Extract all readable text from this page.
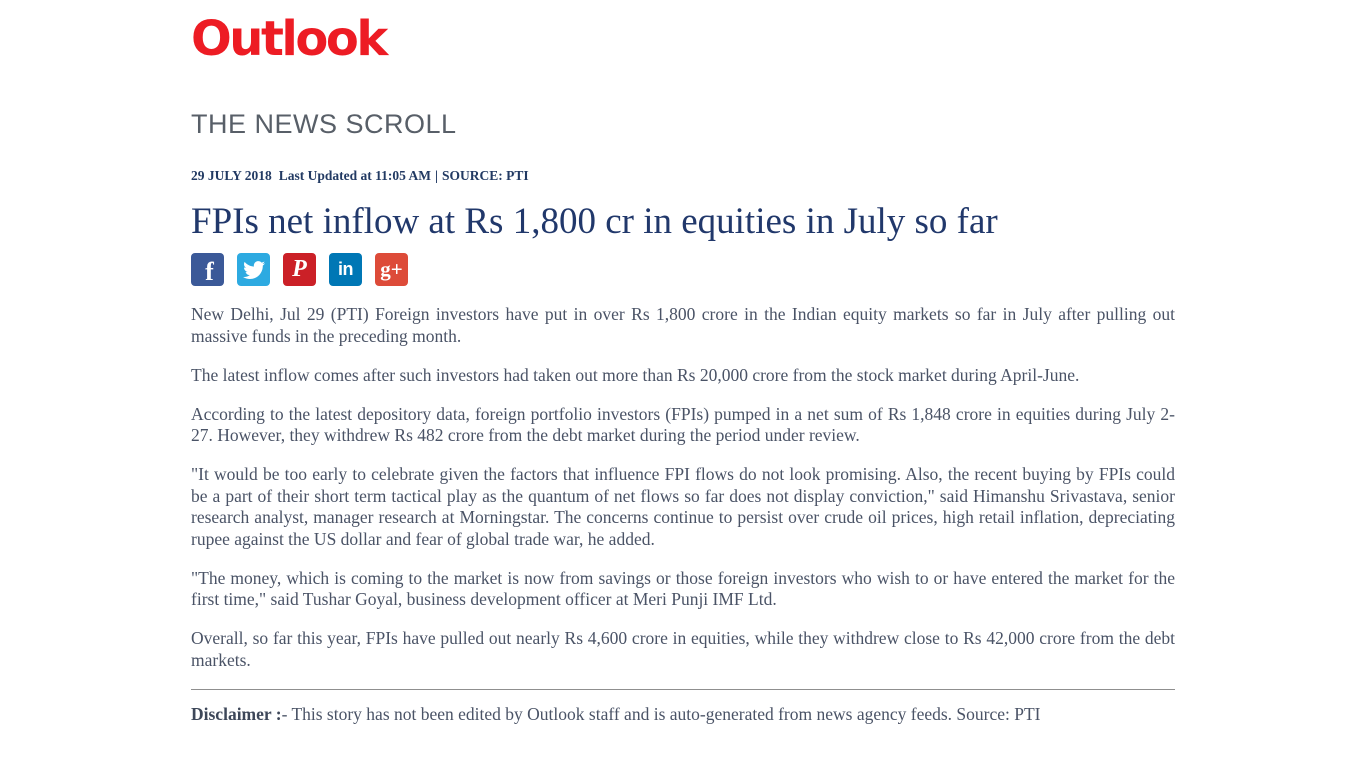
Outlook
THE NEWS SCROLL
29 JULY 2018 Last Updated at 11:05 AM | SOURCE: PTI
FPIs net inflow at Rs 1,800 cr in equities in July so far
f	P in g+

New Delhi, Jul 29 (PTI) Foreign investors have put in over Rs 1,800 crore in the Indian equity markets so far in July after pulling out massive funds in the preceding month.

The latest inflow comes after such investors had taken out more than Rs 20,000 crore from the stock market during April-June.

According to the latest depository data, foreign portfolio investors (FPIs) pumped in a net sum of Rs 1,848 crore in equities during July 2-27. However, they withdrew Rs 482 crore from the debt market during the period under review.

"It would be too early to celebrate given the factors that influence FPI flows do not look promising. Also, the recent buying by FPIs could be a part of their short term tactical play as the quantum of net flows so far does not display conviction," said Himanshu Srivastava, senior research analyst, manager research at Morningstar. The concerns continue to persist over crude oil prices, high retail inflation, depreciating rupee against the US dollar and fear of global trade war, he added.

"The money, which is coming to the market is now from savings or those foreign investors who wish to or have entered the market for the first time," said Tushar Goyal, business development officer at Meri Punji IMF Ltd.

Overall, so far this year, FPIs have pulled out nearly Rs 4,600 crore in equities, while they withdrew close to Rs 42,000 crore from the debt markets.

Disclaimer :- This story has not been edited by Outlook staff and is auto-generated from news agency feeds. Source: PTI
